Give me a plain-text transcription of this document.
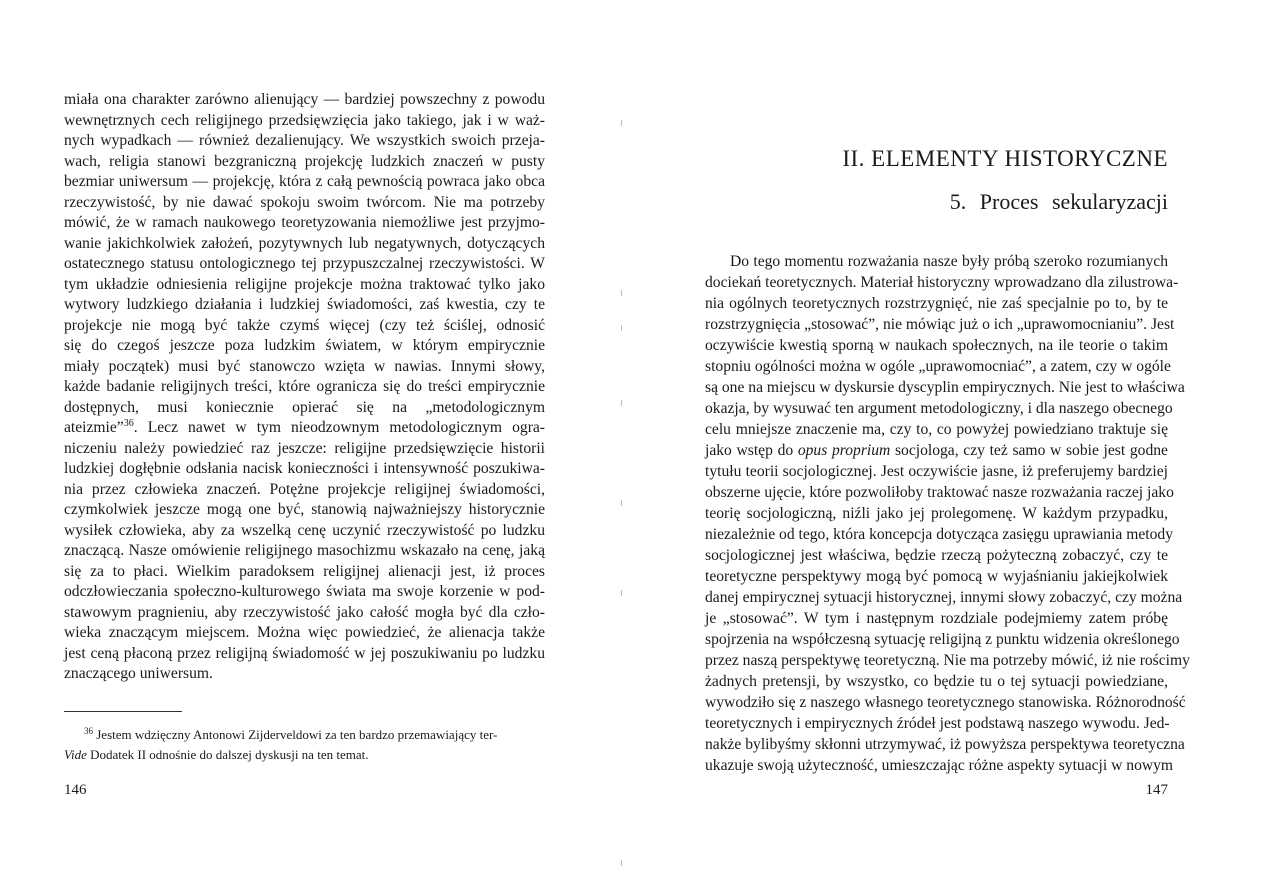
miała ona charakter zarówno alienujący — bardziej powszechny z powodu
wewnętrznych cech religijnego przedsięwzięcia jako takiego, jak i w waż-
nych wypadkach — również dezalienujący. We wszystkich swoich przeja-
wach, religia stanowi bezgraniczną projekcję ludzkich znaczeń w pusty
bezmiar uniwersum — projekcję, która z całą pewnością powraca jako obca
rzeczywistość, by nie dawać spokoju swoim twórcom. Nie ma potrzeby
mówić, że w ramach naukowego teoretyzowania niemożliwe jest przyjmo-
wanie jakichkolwiek założeń, pozytywnych lub negatywnych, dotyczących
ostatecznego statusu ontologicznego tej przypuszczalnej rzeczywistości. W
tym układzie odniesienia religijne projekcje można traktować tylko jako
wytwory ludzkiego działania i ludzkiej świadomości, zaś kwestia, czy te
projekcje nie mogą być także czymś więcej (czy też ściślej, odnosić
się do czegoś jeszcze poza ludzkim światem, w którym empirycznie
miały początek) musi być stanowczo wzięta w nawias. Innymi słowy,
każde badanie religijnych treści, które ogranicza się do treści empirycznie
dostępnych, musi koniecznie opierać się na „metodologicznym
ateizmie”$^{36}$. Lecz nawet w tym nieodzownym metodologicznym ogra-
niczeniu należy powiedzieć raz jeszcze: religijne przedsięwzięcie historii
ludzkiej dogłębnie odsłania nacisk konieczności i intensywność poszukiwa-
nia przez człowieka znaczeń. Potężne projekcje religijnej świadomości,
czymkolwiek jeszcze mogą one być, stanowią najważniejszy historycznie
wysiłek człowieka, aby za wszelką cenę uczynić rzeczywistość po ludzku
znaczącą. Nasze omówienie religijnego masochizmu wskazało na cenę, jaką
się za to płaci. Wielkim paradoksem religijnej alienacji jest, iż proces
odczłowieczania społeczno-kulturowego świata ma swoje korzenie w pod-
stawowym pragnieniu, aby rzeczywistość jako całość mogła być dla czło-
wieka znaczącym miejscem. Można więc powiedzieć, że alienacja także
jest ceną płaconą przez religijną świadomość w jej poszukiwaniu po ludzku
znaczącego uniwersum.
$^{36}$ Jestem wdzięczny Antonowi Zijderveldowi za ten bardzo przemawiający ter-
Vide Dodatek II odnośnie do dalszej dyskusji na ten temat.
146
II. ELEMENTY HISTORYCZNE
5. Proces sekularyzacji
Do tego momentu rozważania nasze były próbą szeroko rozumianych
dociekań teoretycznych. Materiał historyczny wprowadzano dla zilustrowa-
nia ogólnych teoretycznych rozstrzygnięć, nie zaś specjalnie po to, by te
rozstrzygnięcia „stosować”, nie mówiąc już o ich „uprawomocnianiu”. Jest
oczywiście kwestią sporną w naukach społecznych, na ile teorie o takim
stopniu ogólności można w ogóle „uprawomocniać”, a zatem, czy w ogóle
są one na miejscu w dyskursie dyscyplin empirycznych. Nie jest to właściwa
okazja, by wysuwać ten argument metodologiczny, i dla naszego obecnego
celu mniejsze znaczenie ma, czy to, co powyżej powiedziano traktuje się
jako wstęp do opus proprium socjologa, czy też samo w sobie jest godne
tytułu teorii socjologicznej. Jest oczywiście jasne, iż preferujemy bardziej
obszerne ujęcie, które pozwoliłoby traktować nasze rozważania raczej jako
teorię socjologiczną, niźli jako jej prolegomenę. W każdym przypadku,
niezależnie od tego, która koncepcja dotycząca zasięgu uprawiania metody
socjologicznej jest właściwa, będzie rzeczą pożyteczną zobaczyć, czy te
teoretyczne perspektywy mogą być pomocą w wyjaśnianiu jakiejkolwiek
danej empirycznej sytuacji historycznej, innymi słowy zobaczyć, czy można
je „stosować”. W tym i następnym rozdziale podejmiemy zatem próbę
spojrzenia na współczesną sytuację religijną z punktu widzenia określonego
przez naszą perspektywę teoretyczną. Nie ma potrzeby mówić, iż nie rościmy
żadnych pretensji, by wszystko, co będzie tu o tej sytuacji powiedziane,
wywodziło się z naszego własnego teoretycznego stanowiska. Różnorodność
teoretycznych i empirycznych źródeł jest podstawą naszego wywodu. Jed-
nakże bylibyśmy skłonni utrzymywać, iż powyższa perspektywa teoretyczna
ukazuje swoją użyteczność, umieszczając różne aspekty sytuacji w nowym
147
